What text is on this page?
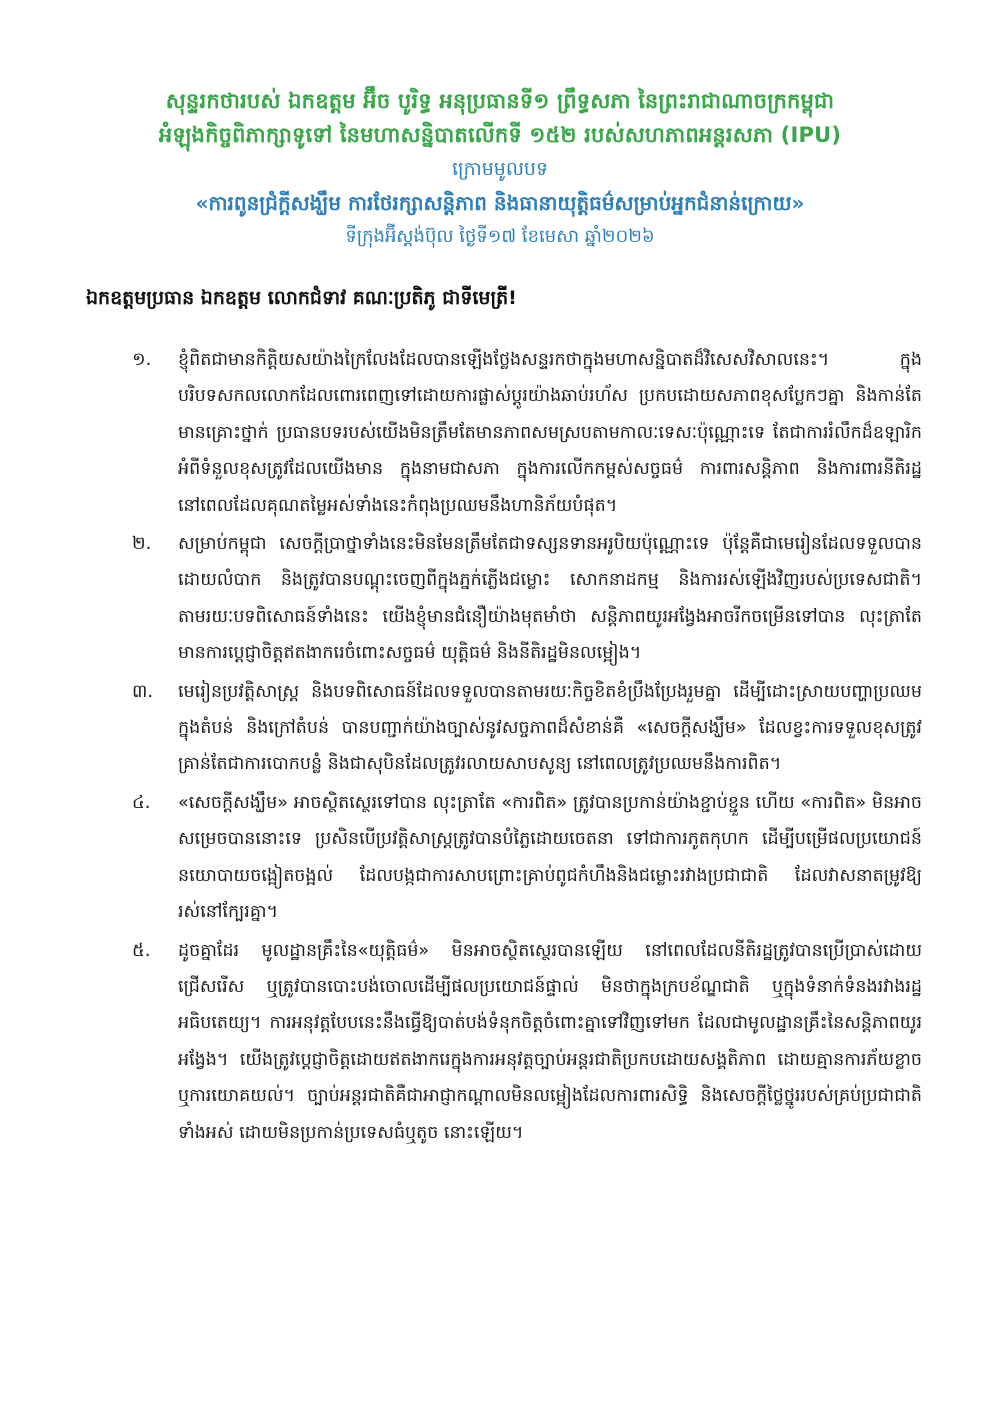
សុន្ទរកថារបស់ ឯកឧត្តម អ៊ឹច បូរិទ្ធ អនុប្រធានទី១ ព្រឹទ្ធសភា នៃព្រះរាជាណាចក្រកម្ពុជា
អំឡុងកិច្ចពិភាក្សាទូទៅ នៃមហាសន្និបាតលើកទី ១៥២ របស់សហភាពអន្តរសភា (IPU)
ក្រោមមូលបទ
«ការពូនជ្រំក្តីសង្ឃឹម ការថែរក្សាសន្តិភាព និងធានាយុត្តិធម៌សម្រាប់អ្នកជំនាន់ក្រោយ»
ទីក្រុងអ៊ីស្តង់ប៊ុល ថ្ងៃទី១៧ ខែមេសា ឆ្នាំ២០២៦
ឯកឧត្តមប្រធាន ឯកឧត្តម លោកជំទាវ គណៈប្រតិភូ ជាទីមេត្រី!
១.	ខ្ញុំពិតជាមានកិត្តិយសយ៉ាងក្រៃលែងដែលបានឡើងថ្លែងសន្ទរកថាក្នុងមហាសន្និបាតដ៏វិសេសវិសាលនេះ។ ក្នុងបរិបទសកលលោកដែលពោរពេញទៅដោយការផ្លាស់ប្តូរយ៉ាងឆាប់រហ័ស ប្រកបដោយសភាពខុសប្លែកៗគ្នា និងកាន់តែមានគ្រោះថ្នាក់ ប្រធានបទរបស់យើងមិនត្រឹមតែមានភាពសមស្របតាមកាលៈទេសៈប៉ុណ្ណោះទេ តែជាការរំលឹកដ៏ឧឡារិកអំពីទំនួលខុសត្រូវដែលយើងមាន ក្នុងនាមជាសភា ក្នុងការលើកកម្ពស់សច្ចធម៌ ការពារសន្តិភាព និងការពារនីតិរដ្ឋ នៅពេលដែលគុណតម្លៃអស់ទាំងនេះកំពុងប្រឈមនឹងហានិភ័យបំផុត។
២.	សម្រាប់កម្ពុជា សេចក្តីប្រាថ្នាទាំងនេះមិនមែនត្រឹមតែជាទស្សនទានអរូបិយប៉ុណ្ណោះទេ ប៉ុន្តែគឺជាមេរៀនដែលទទួលបានដោយលំបាក និងត្រូវបានបណ្តុះចេញពីក្នុងភ្នក់ភ្លើងជម្លោះ សោកនាដកម្ម និងការរស់ឡើងវិញរបស់ប្រទេសជាតិ។ តាមរយៈបទពិសោធន៍ទាំងនេះ យើងខ្ញុំមានជំនឿយ៉ាងមុតមាំថា សន្តិភាពយូរអង្វែងអាចរីកចម្រើនទៅបាន លុះត្រាតែមានការប្តេជ្ញាចិត្តឥតងាករេចំពោះសច្ចធម៌ យុត្តិធម៌ និងនីតិរដ្ឋមិនលម្អៀង។
៣.	មេរៀនប្រវត្តិសាស្ត្រ និងបទពិសោធន៍ដែលទទួលបានតាមរយៈកិច្ចខិតខំប្រឹងប្រែងរួមគ្នា ដើម្បីដោះស្រាយបញ្ហាប្រឈមក្នុងតំបន់ និងក្រៅតំបន់ បានបញ្ជាក់យ៉ាងច្បាស់នូវសច្ចភាពដ៏សំខាន់គឺ «សេចក្តីសង្ឃឹម» ដែលខ្វះការទទួលខុសត្រូវ គ្រាន់តែជាការបោកបន្លំ និងជាសុបិនដែលត្រូវរលាយសាបសូន្យ នៅពេលត្រូវប្រឈមនឹងការពិត។
៤.	«សេចក្តីសង្ឃឹម» អាចស្ថិតស្ថេរទៅបាន លុះត្រាតែ «ការពិត» ត្រូវបានប្រកាន់យ៉ាងខ្ជាប់ខ្ជួន ហើយ «ការពិត» មិនអាចសម្រេចបាននោះទេ ប្រសិនបើប្រវត្តិសាស្ត្រត្រូវបានបំភ្លៃដោយចេតនា ទៅជាការភូតកុហក ដើម្បីបម្រើផលប្រយោជន៍នយោបាយចង្អៀតចង្អល់ ដែលបង្កជាការសាបព្រោះគ្រាប់ពូជកំហឹងនិងជម្លោះរវាងប្រជាជាតិ ដែលវាសនាតម្រូវឱ្យរស់នៅក្បែរគ្នា។
៥.	ដូចគ្នាដែរ មូលដ្ឋានគ្រឹះនៃ«យុត្តិធម៌» មិនអាចស្ថិតស្ថេរបានឡើយ នៅពេលដែលនីតិរដ្ឋត្រូវបានប្រើប្រាស់ដោយជ្រើសរើស ឬត្រូវបានបោះបង់ចោលដើម្បីផលប្រយោជន៍ផ្ទាល់ មិនថាក្នុងក្របខ័ណ្ឌជាតិ ឬក្នុងទំនាក់ទំនងរវាងរដ្ឋអធិបតេយ្យ។ ការអនុវត្តបែបនេះនឹងធ្វើឱ្យបាត់បង់ទំនុកចិត្តចំពោះគ្នាទៅវិញទៅមក ដែលជាមូលដ្ឋានគ្រឹះនៃសន្តិភាពយូរអង្វែង។ យើងត្រូវប្តេជ្ញាចិត្តដោយឥតងាករេក្នុងការអនុវត្តច្បាប់អន្តរជាតិប្រកបដោយសង្គតិភាព ដោយគ្មានការភ័យខ្លាច ឬការយោគយល់។ ច្បាប់អន្តរជាតិគឺជាអាជ្ញាកណ្តាលមិនលម្អៀងដែលការពារសិទ្ធិ និងសេចក្តីថ្លៃថ្នូររបស់គ្រប់ប្រជាជាតិទាំងអស់ ដោយមិនប្រកាន់ប្រទេសធំឬតូច នោះឡើយ។
